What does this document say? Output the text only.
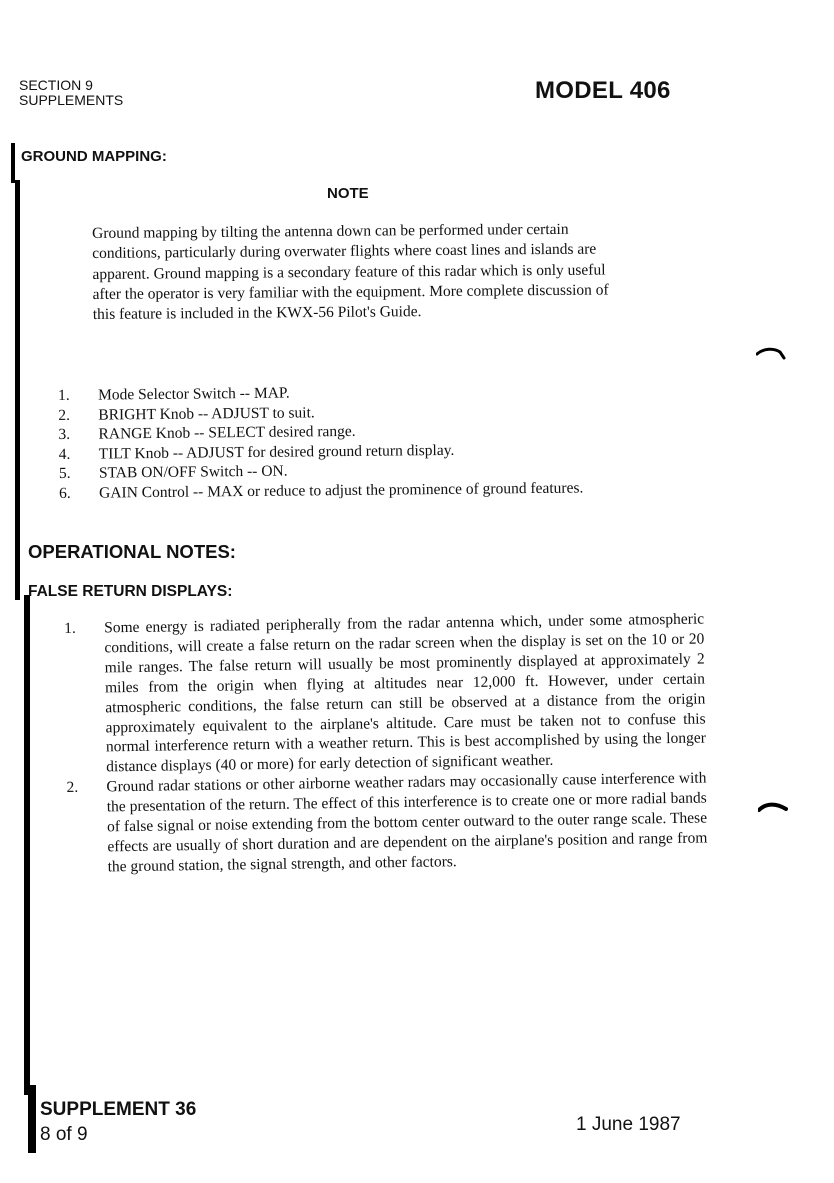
SECTION 9
SUPPLEMENTS	MODEL 406
GROUND MAPPING:
NOTE
Ground mapping by tilting the antenna down can be performed under certain conditions, particularly during overwater flights where coast lines and islands are apparent. Ground mapping is a secondary feature of this radar which is only useful after the operator is very familiar with the equipment. More complete discussion of this feature is included in the KWX-56 Pilot's Guide.
1. Mode Selector Switch -- MAP.
2. BRIGHT Knob -- ADJUST to suit.
3. RANGE Knob -- SELECT desired range.
4. TILT Knob -- ADJUST for desired ground return display.
5. STAB ON/OFF Switch -- ON.
6. GAIN Control -- MAX or reduce to adjust the prominence of ground features.
OPERATIONAL NOTES:
FALSE RETURN DISPLAYS:
1. Some energy is radiated peripherally from the radar antenna which, under some atmospheric conditions, will create a false return on the radar screen when the display is set on the 10 or 20 mile ranges. The false return will usually be most prominently displayed at approximately 2 miles from the origin when flying at altitudes near 12,000 ft. However, under certain atmospheric conditions, the false return can still be observed at a distance from the origin approximately equivalent to the airplane's altitude. Care must be taken not to confuse this normal interference return with a weather return. This is best accomplished by using the longer distance displays (40 or more) for early detection of significant weather.
2. Ground radar stations or other airborne weather radars may occasionally cause interference with the presentation of the return. The effect of this interference is to create one or more radial bands of false signal or noise extending from the bottom center outward to the outer range scale. These effects are usually of short duration and are dependent on the airplane's position and range from the ground station, the signal strength, and other factors.
SUPPLEMENT 36
8 of 9	1 June 1987
